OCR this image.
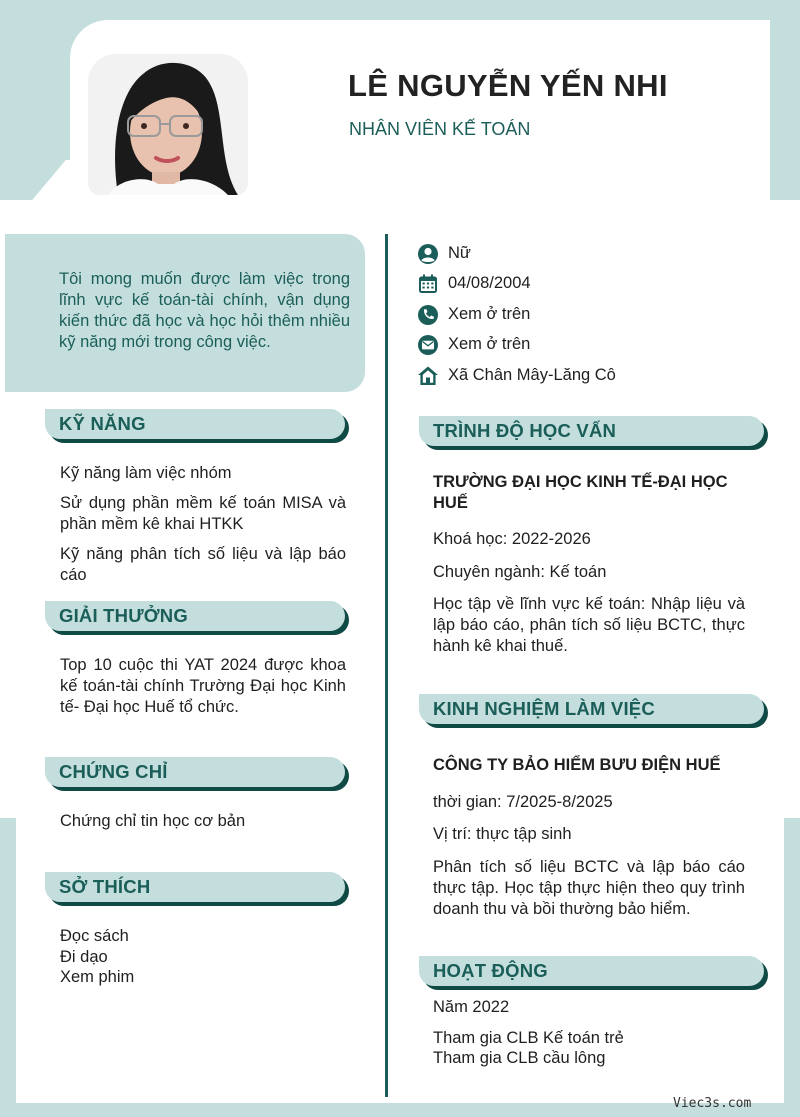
LÊ NGUYỄN YẾN NHI
NHÂN VIÊN KẾ TOÁN

Tôi mong muốn được làm việc trong lĩnh vực kế toán-tài chính, vận dụng kiến thức đã học và học hỏi thêm nhiều kỹ năng mới trong công việc.

Nữ
04/08/2004
Xem ở trên
Xem ở trên
Xã Chân Mây-Lăng Cô
KỸ NĂNG
Kỹ năng làm việc nhóm
Sử dụng phần mềm kế toán MISA và phần mềm kê khai HTKK
Kỹ năng phân tích số liệu và lập báo cáo
GIẢI THƯỞNG
Top 10 cuộc thi YAT 2024 được khoa kế toán-tài chính Trường Đại học Kinh tế- Đại học Huế tổ chức.
CHỨNG CHỈ
Chứng chỉ tin học cơ bản
SỞ THÍCH
Đọc sách
Đi dạo
Xem phim
TRÌNH ĐỘ HỌC VẤN
TRƯỜNG ĐẠI HỌC KINH TẾ-ĐẠI HỌC HUẾ
Khoá học: 2022-2026
Chuyên ngành: Kế toán
Học tập về lĩnh vực kế toán: Nhập liệu và lập báo cáo, phân tích số liệu BCTC, thực hành kê khai thuế.
KINH NGHIỆM LÀM VIỆC
CÔNG TY BẢO HIỂM BƯU ĐIỆN HUẾ
thời gian: 7/2025-8/2025
Vị trí: thực tập sinh
Phân tích số liệu BCTC và lập báo cáo thực tập. Học tập thực hiện theo quy trình doanh thu và bồi thường bảo hiểm.
HOẠT ĐỘNG
Năm 2022
Tham gia CLB Kế toán trẻ
Tham gia CLB cầu lông
Viec3s.com
